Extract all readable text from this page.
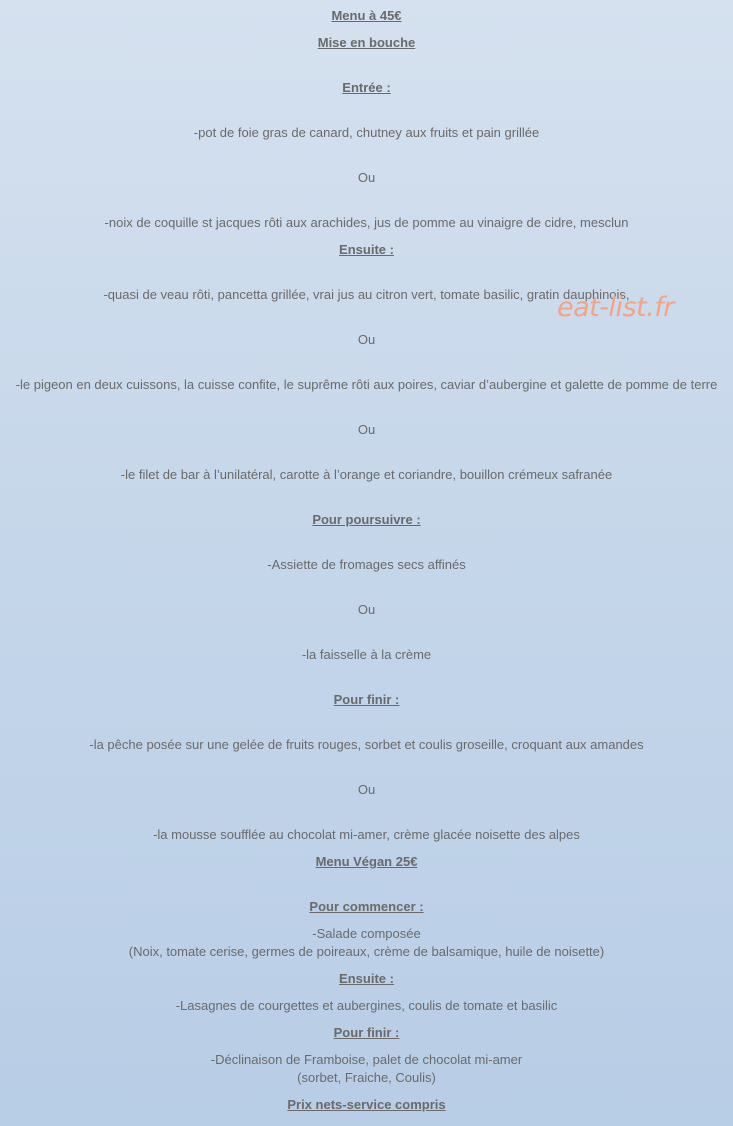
Menu à 45€
Mise en bouche
Entrée :
-pot de foie gras de canard, chutney aux fruits et pain grillée
Ou
-noix de coquille st jacques rôti aux arachides, jus de pomme au vinaigre de cidre, mesclun
Ensuite :
-quasi de veau rôti, pancetta grillée, vrai jus au citron vert, tomate basilic, gratin dauphinois,
eat-list.fr
Ou
-le pigeon en deux cuissons, la cuisse confite, le suprême rôti aux poires, caviar d’aubergine et galette de pomme de terre
Ou
-le filet de bar à l’unilatéral, carotte à l’orange et coriandre, bouillon crémeux safranée
Pour poursuivre :
-Assiette de fromages secs affinés
Ou
-la faisselle à la crème
Pour finir :
-la pêche posée sur une gelée de fruits rouges, sorbet et coulis groseille, croquant aux amandes
Ou
-la mousse soufflée au chocolat mi-amer, crème glacée noisette des alpes
Menu Végan 25€
Pour commencer :
-Salade composée
(Noix, tomate cerise, germes de poireaux, crème de balsamique, huile de noisette)
Ensuite :
-Lasagnes de courgettes et aubergines, coulis de tomate et basilic
Pour finir :
-Déclinaison de Framboise, palet de chocolat mi-amer
(sorbet, Fraiche, Coulis)
Prix nets-service compris
